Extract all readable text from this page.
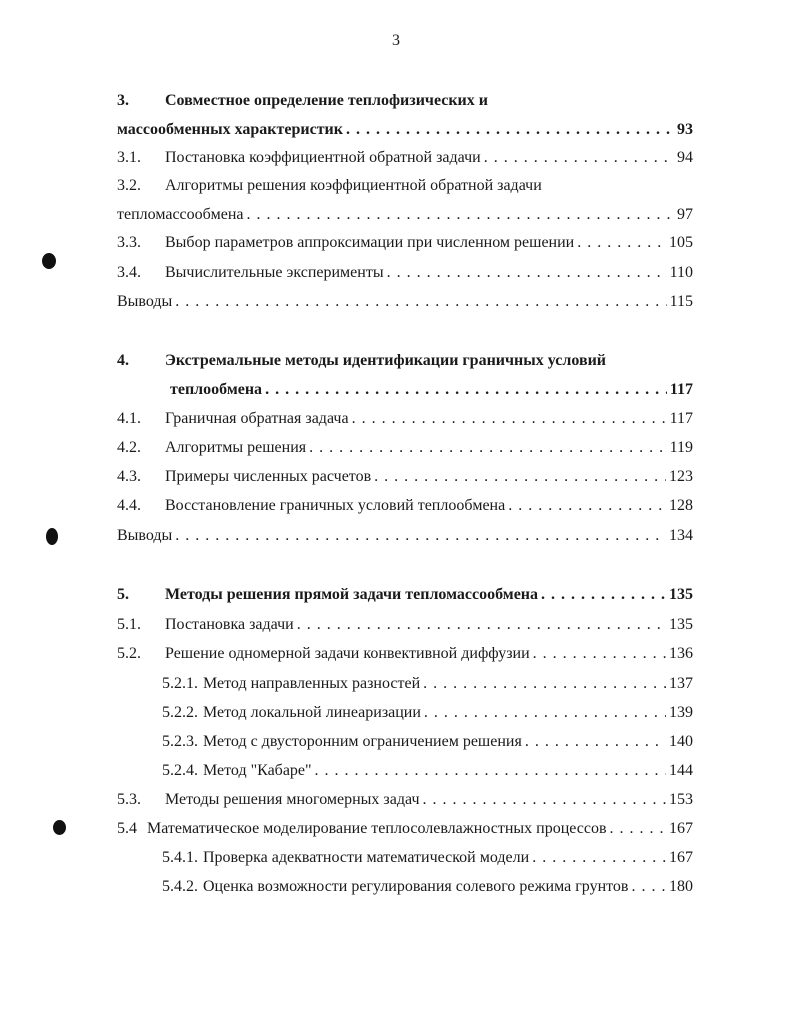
3
3.	Совместное определение теплофизических и
массообменных характеристик . . .	93
3.1.	Постановка коэффициентной обратной задачи . . .	94
3.2.	Алгоритмы решения коэффициентной обратной задачи
тепломассообмена . . .	97
3.3.	Выбор параметров аппроксимации при численном решении . . .	105
3.4.	Вычислительные эксперименты . . .	110
Выводы . . .	115
4.	Экстремальные методы идентификации граничных условий
теплообмена . . .	117
4.1.	Граничная обратная задача . . .	117
4.2.	Алгоритмы решения . . .	119
4.3.	Примеры численных расчетов . . .	123
4.4.	Восстановление граничных условий теплообмена . . .	128
Выводы . . .	134
5.	Методы решения прямой задачи тепломассообмена . . .	135
5.1.	Постановка задачи . . .	135
5.2.	Решение одномерной задачи конвективной диффузии . . .	136
5.2.1. Метод направленных разностей . . .	137
5.2.2. Метод локальной линеаризации . . .	139
5.2.3. Метод с двусторонним ограничением решения . . .	140
5.2.4. Метод "Кабаре" . . .	144
5.3.	Методы решения многомерных задач . . .	153
5.4 Математическое моделирование теплосолевлажностных процессов . . .	167
5.4.1. Проверка адекватности математической модели . . .	167
5.4.2. Оценка возможности регулирования солевого режима грунтов . . .	180
